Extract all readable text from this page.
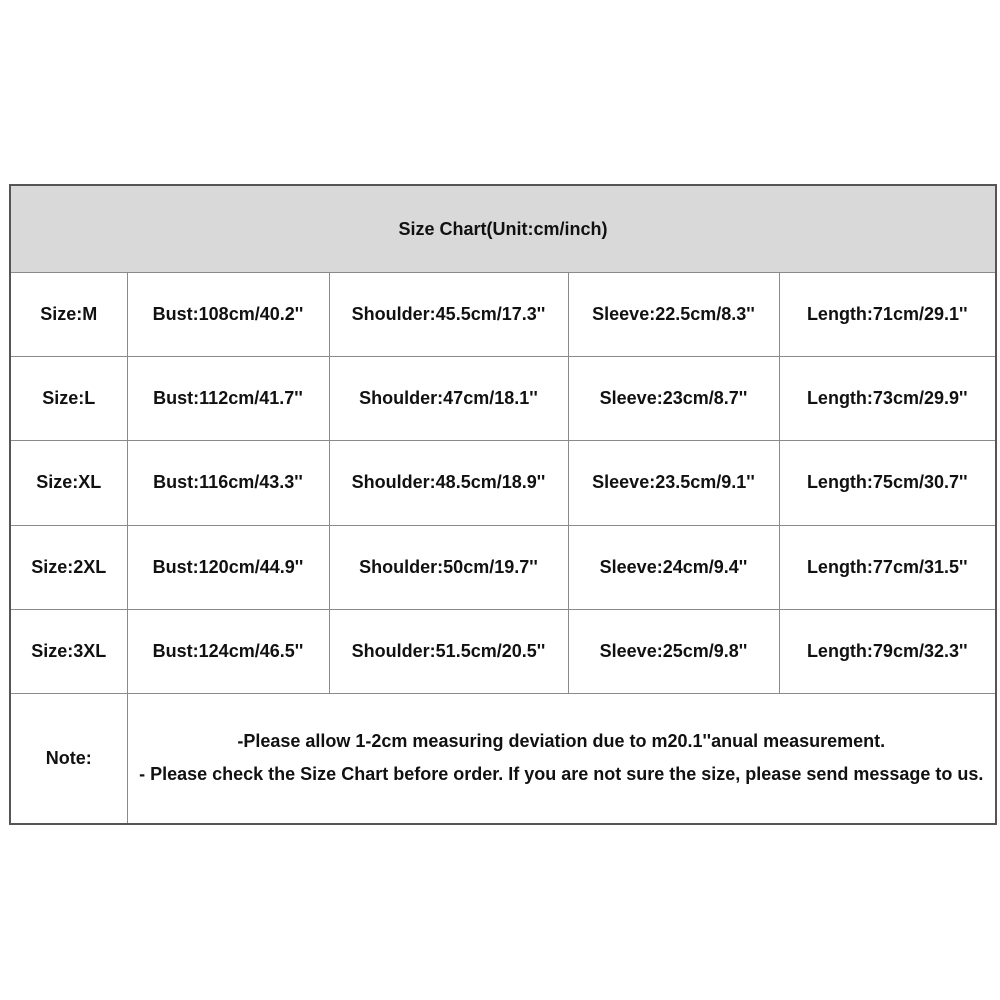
Size Chart(Unit:cm/inch)				
Size:M	Bust:108cm/40.2''	Shoulder:45.5cm/17.3''	Sleeve:22.5cm/8.3''	Length:71cm/29.1''
Size:L	Bust:112cm/41.7''	Shoulder:47cm/18.1''	Sleeve:23cm/8.7''	Length:73cm/29.9''
Size:XL	Bust:116cm/43.3''	Shoulder:48.5cm/18.9''	Sleeve:23.5cm/9.1''	Length:75cm/30.7''
Size:2XL	Bust:120cm/44.9''	Shoulder:50cm/19.7''	Sleeve:24cm/9.4''	Length:77cm/31.5''
Size:3XL	Bust:124cm/46.5''	Shoulder:51.5cm/20.5''	Sleeve:25cm/9.8''	Length:79cm/32.3''
Note:	-Please allow 1-2cm measuring deviation due to m20.1''anual measurement.
- Please check the Size Chart before order. If you are not sure the size, please send message to us.			
